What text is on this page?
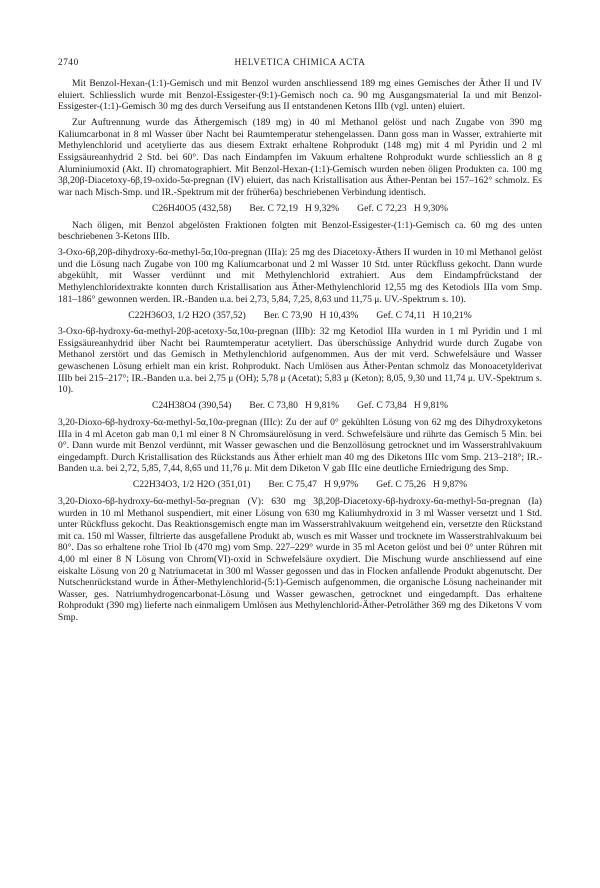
2740	HELVETICA CHIMICA ACTA

Mit Benzol-Hexan-(1:1)-Gemisch und mit Benzol wurden anschliessend 189 mg eines Gemisches der Äther II und IV eluiert. Schliesslich wurde mit Benzol-Essigester-(9:1)-Gemisch noch ca. 90 mg Ausgangsmaterial Ia und mit Benzol-Essigester-(1:1)-Gemisch 30 mg des durch Verseifung aus II entstandenen Ketons IIIb (vgl. unten) eluiert.

Zur Auftrennung wurde das Äthergemisch (189 mg) in 40 ml Methanol gelöst und nach Zugabe von 390 mg Kaliumcarbonat in 8 ml Wasser über Nacht bei Raumtemperatur stehengelassen. Dann goss man in Wasser, extrahierte mit Methylenchlorid und acetylierte das aus diesem Extrakt erhaltene Rohprodukt (148 mg) mit 4 ml Pyridin und 2 ml Essigsäureanhydrid 2 Std. bei 60°. Das nach Eindampfen im Vakuum erhaltene Rohprodukt wurde schliesslich an 8 g Aluminiumoxid (Akt. II) chromatographiert. Mit Benzol-Hexan-(1:1)-Gemisch wurden neben öligen Produkten ca. 100 mg 3β,20β-Diacetoxy-6β,19-oxido-5α-pregnan (IV) eluiert, das nach Kristallisation aus Äther-Pentan bei 157–162° schmolz. Es war nach Misch-Smp. und IR.-Spektrum mit der früher6a) beschriebenen Verbindung identisch.

C26H40O5 (432,58) Ber. C 72,19   H 9,32% Gef. C 72,23   H 9,30%

Nach öligen, mit Benzol abgelösten Fraktionen folgten mit Benzol-Essigester-(1:1)-Gemisch ca. 60 mg des unten beschriebenen 3-Ketons IIIb.

3-Oxo-6β,20β-dihydroxy-6α-methyl-5α,10α-pregnan (IIIa): 25 mg des Diacetoxy-Äthers II wurden in 10 ml Methanol gelöst und die Lösung nach Zugabe von 100 mg Kaliumcarbonat und 2 ml Wasser 10 Std. unter Rückfluss gekocht. Dann wurde abgekühlt, mit Wasser verdünnt und mit Methylenchlorid extrahiert. Aus dem Eindampfrückstand der Methylenchloridextrakte konnten durch Kristallisation aus Äther-Methylenchlorid 12,55 mg des Ketodiols IIIa vom Smp. 181–186° gewonnen werden. IR.-Banden u.a. bei 2,73, 5,84, 7,25, 8,63 und 11,75 μ. UV.-Spektrum s. 10).

C22H36O3, 1/2 H2O (357,52) Ber. C 73,90   H 10,43% Gef. C 74,11   H 10,21%

3-Oxo-6β-hydroxy-6α-methyl-20β-acetoxy-5α,10α-pregnan (IIIb): 32 mg Ketodiol IIIa wurden in 1 ml Pyridin und 1 ml Essigsäureanhydrid über Nacht bei Raumtemperatur acetyliert. Das überschüssige Anhydrid wurde durch Zugabe von Methanol zerstört und das Gemisch in Methylenchlorid aufgenommen. Aus der mit verd. Schwefelsäure und Wasser gewaschenen Lösung erhielt man ein krist. Rohprodukt. Nach Umlösen aus Äther-Pentan schmolz das Monoacetylderivat IIIb bei 215–217°; IR.-Banden u.a. bei 2,75 μ (OH); 5,78 μ (Acetat); 5,83 μ (Keton); 8,05, 9,30 und 11,74 μ. UV.-Spektrum s. 10).

C24H38O4 (390,54) Ber. C 73,80   H 9,81% Gef. C 73,84   H 9,81%

3,20-Dioxo-6β-hydroxy-6α-methyl-5α,10α-pregnan (IIIc): Zu der auf 0° gekühlten Lösung von 62 mg des Dihydroxyketons IIIa in 4 ml Aceton gab man 0,1 ml einer 8 N Chromsäurelösung in verd. Schwefelsäure und rührte das Gemisch 5 Min. bei 0°. Dann wurde mit Benzol verdünnt, mit Wasser gewaschen und die Benzollösung getrocknet und im Wasserstrahlvakuum eingedampft. Durch Kristallisation des Rückstands aus Äther erhielt man 40 mg des Diketons IIIc vom Smp. 213–218°; IR.-Banden u.a. bei 2,72, 5,85, 7,44, 8,65 und 11,76 μ. Mit dem Diketon V gab IIIc eine deutliche Erniedrigung des Smp.

C22H34O3, 1/2 H2O (351,01) Ber. C 75,47   H 9,97% Gef. C 75,26   H 9,87%

3,20-Dioxo-6β-hydroxy-6α-methyl-5α-pregnan (V): 630 mg 3β,20β-Diacetoxy-6β-hydroxy-6α-methyl-5α-pregnan (Ia) wurden in 10 ml Methanol suspendiert, mit einer Lösung von 630 mg Kaliumhydroxid in 3 ml Wasser versetzt und 1 Std. unter Rückfluss gekocht. Das Reaktionsgemisch engte man im Wasserstrahlvakuum weitgehend ein, versetzte den Rückstand mit ca. 150 ml Wasser, filtrierte das ausgefallene Produkt ab, wusch es mit Wasser und trocknete im Wasserstrahlvakuum bei 80°. Das so erhaltene rohe Triol Ib (470 mg) vom Smp. 227–229° wurde in 35 ml Aceton gelöst und bei 0° unter Rühren mit 4,00 ml einer 8 N Lösung von Chrom(VI)-oxid in Schwefelsäure oxydiert. Die Mischung wurde anschliessend auf eine eiskalte Lösung von 20 g Natriumacetat in 300 ml Wasser gegossen und das in Flocken anfallende Produkt abgenutscht. Der Nutschenrückstand wurde in Äther-Methylenchlorid-(5:1)-Gemisch aufgenommen, die organische Lösung nacheinander mit Wasser, ges. Natriumhydrogencarbonat-Lösung und Wasser gewaschen, getrocknet und eingedampft. Das erhaltene Rohprodukt (390 mg) lieferte nach einmaligem Umlösen aus Methylenchlorid-Äther-Petroläther 369 mg des Diketons V vom Smp.
